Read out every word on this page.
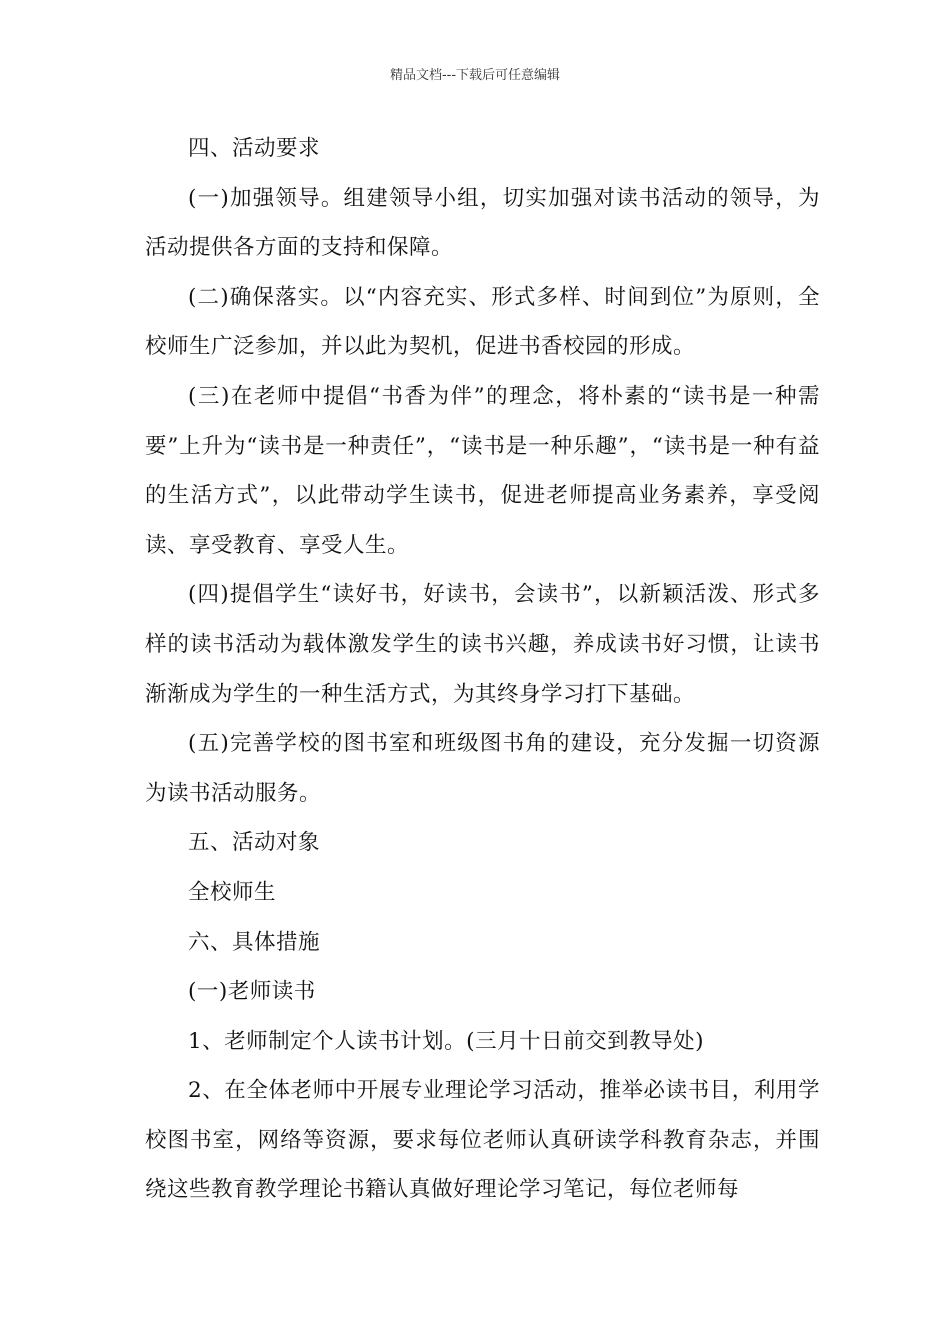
精品文档---下载后可任意编辑

四、活动要求

(一)加强领导。组建领导小组，切实加强对读书活动的领导，为活动提供各方面的支持和保障。

(二)确保落实。以“内容充实、形式多样、时间到位”为原则，全校师生广泛参加，并以此为契机，促进书香校园的形成。

(三)在老师中提倡“书香为伴”的理念，将朴素的“读书是一种需要”上升为“读书是一种责任”，“读书是一种乐趣”，“读书是一种有益的生活方式”，以此带动学生读书，促进老师提高业务素养，享受阅读、享受教育、享受人生。

(四)提倡学生“读好书，好读书，会读书”，以新颖活泼、形式多样的读书活动为载体激发学生的读书兴趣，养成读书好习惯，让读书渐渐成为学生的一种生活方式，为其终身学习打下基础。

(五)完善学校的图书室和班级图书角的建设，充分发掘一切资源为读书活动服务。

五、活动对象

全校师生

六、具体措施

(一)老师读书

1、老师制定个人读书计划。(三月十日前交到教导处)

2、在全体老师中开展专业理论学习活动，推举必读书目，利用学校图书室，网络等资源，要求每位老师认真研读学科教育杂志，并围绕这些教育教学理论书籍认真做好理论学习笔记，每位老师每
